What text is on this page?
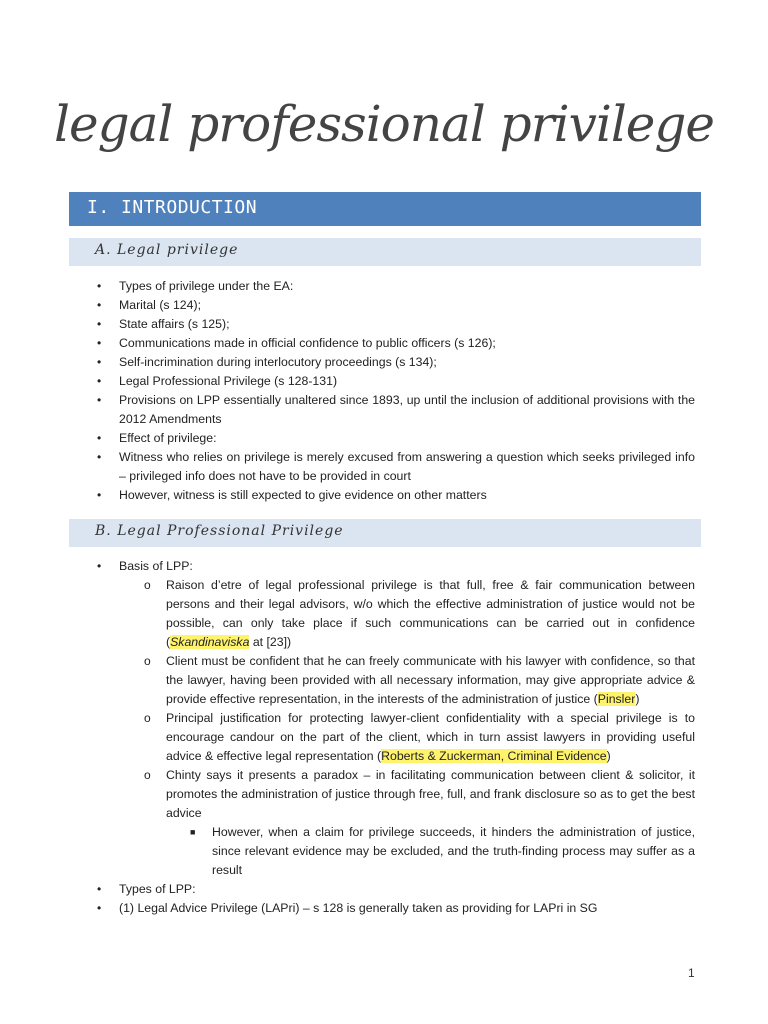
legal professional privilege
I. INTRODUCTION
A. Legal privilege
• Types of privilege under the EA:
• Marital (s 124);
• State affairs (s 125);
• Communications made in official confidence to public officers (s 126);
• Self-incrimination during interlocutory proceedings (s 134);
• Legal Professional Privilege (s 128-131)
• Provisions on LPP essentially unaltered since 1893, up until the inclusion of additional provisions with the 2012 Amendments
• Effect of privilege:
• Witness who relies on privilege is merely excused from answering a question which seeks privileged info – privileged info does not have to be provided in court
• However, witness is still expected to give evidence on other matters
B. Legal Professional Privilege
• Basis of LPP:
o Raison d’etre of legal professional privilege is that full, free & fair communication between persons and their legal advisors, w/o which the effective administration of justice would not be possible, can only take place if such communications can be carried out in confidence (Skandinaviska at [23])
o Client must be confident that he can freely communicate with his lawyer with confidence, so that the lawyer, having been provided with all necessary information, may give appropriate advice & provide effective representation, in the interests of the administration of justice (Pinsler)
o Principal justification for protecting lawyer-client confidentiality with a special privilege is to encourage candour on the part of the client, which in turn assist lawyers in providing useful advice & effective legal representation (Roberts & Zuckerman, Criminal Evidence)
o Chinty says it presents a paradox – in facilitating communication between client & solicitor, it promotes the administration of justice through free, full, and frank disclosure so as to get the best advice
■ However, when a claim for privilege succeeds, it hinders the administration of justice, since relevant evidence may be excluded, and the truth-finding process may suffer as a result
• Types of LPP:
• (1) Legal Advice Privilege (LAPri) – s 128 is generally taken as providing for LAPri in SG
1
